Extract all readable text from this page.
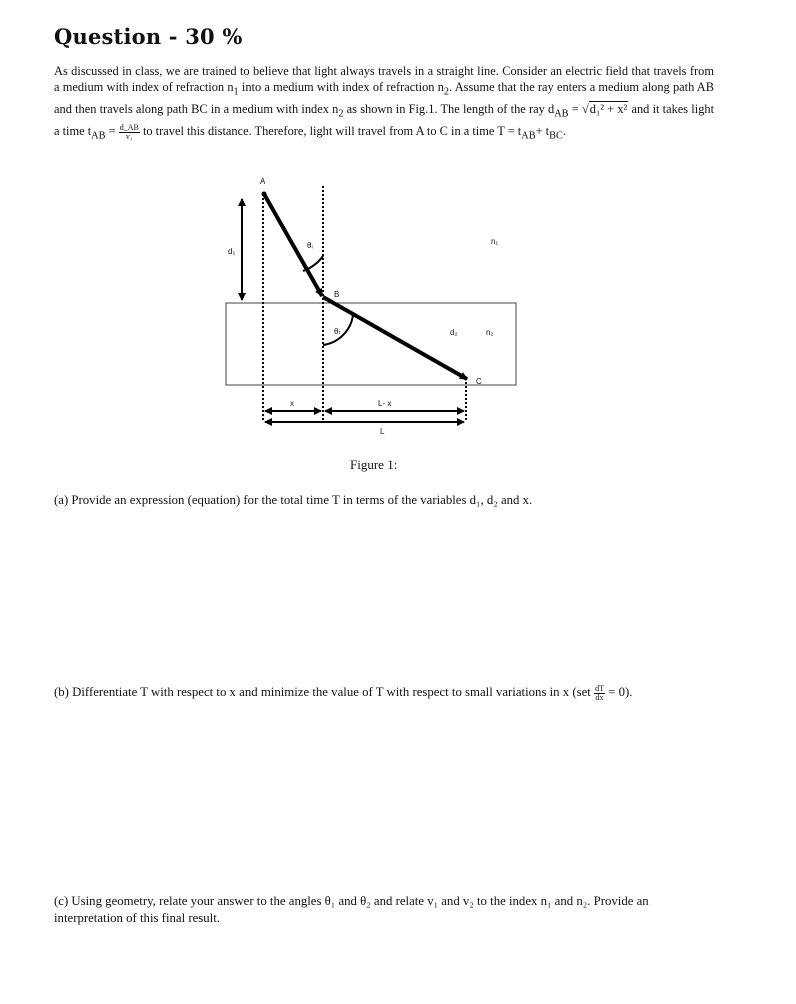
Question - 30 %
As discussed in class, we are trained to believe that light always travels in a straight line. Consider an electric field that travels from a medium with index of refraction $n_1$ into a medium with index of refraction $n_2$. Assume that the ray enters a medium along path AB and then travels along path BC in a medium with index $n_2$ as shown in Fig.1. The length of the ray $d_{AB} = √d_1^2 + x^2$ and it takes light a time $t_{AB} = \frac{d\_AB}{\text{v₁}}$ to travel this distance. Therefore, light will travel from A to C in a time $T = t_{AB}+ t_{BC}$.
d₁
A
B
C
θᵢ
θₜ
n₁
n₂
d₂
x	L- x
L
Figure 1:
(a) Provide an expression (equation) for the total time T in terms of the variables d₁, d₂ and x.
(b) Differentiate T with respect to x and minimize the value of T with respect to small variations in x $(set \frac{dT}{dx} = 0)$.
(c) Using geometry, relate your answer to the angles θ₁ and θ₂ and relate v₁ and v₂ to the index n₁ and n₂. Provide an interpretation of this final result.
